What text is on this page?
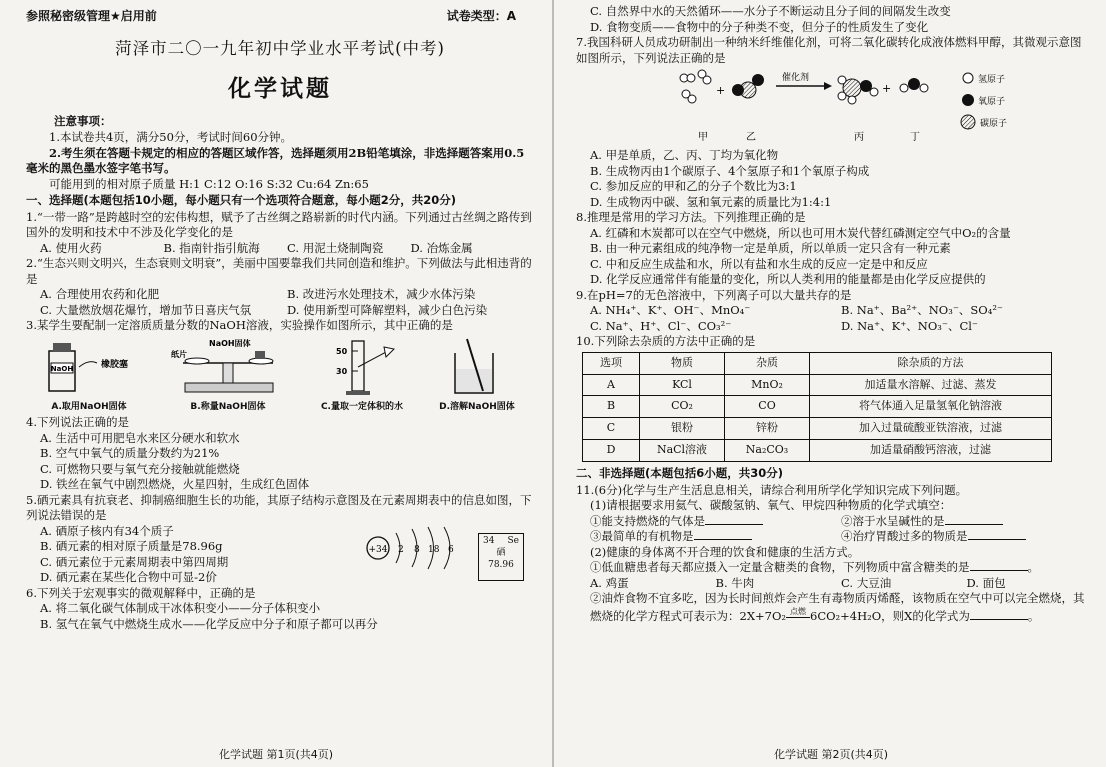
参照秘密级管理★启用前	试卷类型：A
菏泽市二〇一九年初中学业水平考试(中考)
化学试题
注意事项：

1.本试卷共4页，满分50分，考试时间60分钟。

2.考生须在答题卡规定的相应的答题区域作答，选择题须用2B铅笔填涂，非选择题答案用0.5毫米的黑色墨水签字笔书写。

可能用到的相对原子质量 H:1 C:12 O:16 S:32 Cu:64 Zn:65

一、选择题(本题包括10小题，每小题只有一个选项符合题意，每小题2分，共20分)

1.“一带一路”是跨越时空的宏伟构想，赋予了古丝绸之路崭新的时代内涵。下列通过古丝绸之路传到国外的发明和技术中不涉及化学变化的是

A. 使用火药	B. 指南针指引航海	C. 用泥土烧制陶瓷	D. 冶炼金属

2.“生态兴则文明兴，生态衰则文明衰”，美丽中国要靠我们共同创造和维护。下列做法与此相违背的是

A. 合理使用农药和化肥	B. 改进污水处理技术，减少水体污染
C. 大量燃放烟花爆竹，增加节日喜庆气氛	D. 使用新型可降解塑料，减少白色污染

3.某学生要配制一定溶质质量分数的NaOH溶液，实验操作如图所示，其中正确的是

NaOH	橡胶塞
A.取用NaOH固体
NaOH固体
纸片
B.称量NaOH固体
50
30
C.量取一定体积的水	D.溶解NaOH固体

4.下列说法正确的是

A. 生活中可用肥皂水来区分硬水和软水

B. 空气中氧气的质量分数约为21%

C. 可燃物只要与氧气充分接触就能燃烧

D. 铁丝在氧气中剧烈燃烧，火星四射，生成红色固体

5.硒元素具有抗衰老、抑制癌细胞生长的功能，其原子结构示意图及在元素周期表中的信息如图，下列说法错误的是

A. 硒原子核内有34个质子

B. 硒元素的相对原子质量是78.96g

C. 硒元素位于元素周期表中第四周期

D. 硒元素在某些化合物中可显-2价

+34 2 8 18 6
34 Se
硒
78.96

6.下列关于宏观事实的微观解释中，正确的是

A. 将二氧化碳气体制成干冰体积变小——分子体积变小

B. 氢气在氧气中燃烧生成水——化学反应中分子和原子都可以再分

化学试题 第1页(共4页)

C. 自然界中水的天然循环——水分子不断运动且分子间的间隔发生改变

D. 食物变质——食物中的分子种类不变，但分子的性质发生了变化

7.我国科研人员成功研制出一种纳米纤维催化剂，可将二氧化碳转化成液体燃料甲醇，其微观示意图如图所示，下列说法正确的是

+
催化剂
+
甲	乙	丙	丁
氢原子
氧原子
碳原子

A. 甲是单质，乙、丙、丁均为氧化物

B. 生成物丙由1个碳原子、4个氢原子和1个氧原子构成

C. 参加反应的甲和乙的分子个数比为3:1

D. 生成物丙中碳、氢和氧元素的质量比为1:4:1

8.推理是常用的学习方法。下列推理正确的是

A. 红磷和木炭都可以在空气中燃烧，所以也可用木炭代替红磷测定空气中O₂的含量

B. 由一种元素组成的纯净物一定是单质，所以单质一定只含有一种元素

C. 中和反应生成盐和水，所以有盐和水生成的反应一定是中和反应

D. 化学反应通常伴有能量的变化，所以人类利用的能量都是由化学反应提供的

9.在pH=7的无色溶液中，下列离子可以大量共存的是

A. NH₄⁺、K⁺、OH⁻、MnO₄⁻	B. Na⁺、Ba²⁺、NO₃⁻、SO₄²⁻
C. Na⁺、H⁺、Cl⁻、CO₃²⁻	D. Na⁺、K⁺、NO₃⁻、Cl⁻

10.下列除去杂质的方法中正确的是

选项	物质	杂质	除杂质的方法
A	KCl	MnO₂	加适量水溶解、过滤、蒸发
B	CO₂	CO	将气体通入足量氢氧化钠溶液
C	银粉	锌粉	加入过量硫酸亚铁溶液，过滤
D	NaCl溶液	Na₂CO₃	加适量硝酸钙溶液，过滤
二、非选择题(本题包括6小题，共30分)

11.(6分)化学与生产生活息息相关，请综合利用所学化学知识完成下列问题。

(1)请根据要求用氦气、碳酸氢钠、氧气、甲烷四种物质的化学式填空：

①能支持燃烧的气体是	②溶于水呈碱性的是
③最简单的有机物是	④治疗胃酸过多的物质是

(2)健康的身体离不开合理的饮食和健康的生活方式。

①低血糖患者每天都应摄入一定量含糖类的食物，下列物质中富含糖类的是	。

A. 鸡蛋	B. 牛肉	C. 大豆油	D. 面包

②油炸食物不宜多吃，因为长时间煎炸会产生有毒物质丙烯醛，该物质在空气中可以完全燃烧，其燃烧的化学方程式可表示为：2X+7O₂ 点燃 6CO₂+4H₂O，则X的化学式为	。

化学试题 第2页(共4页)
